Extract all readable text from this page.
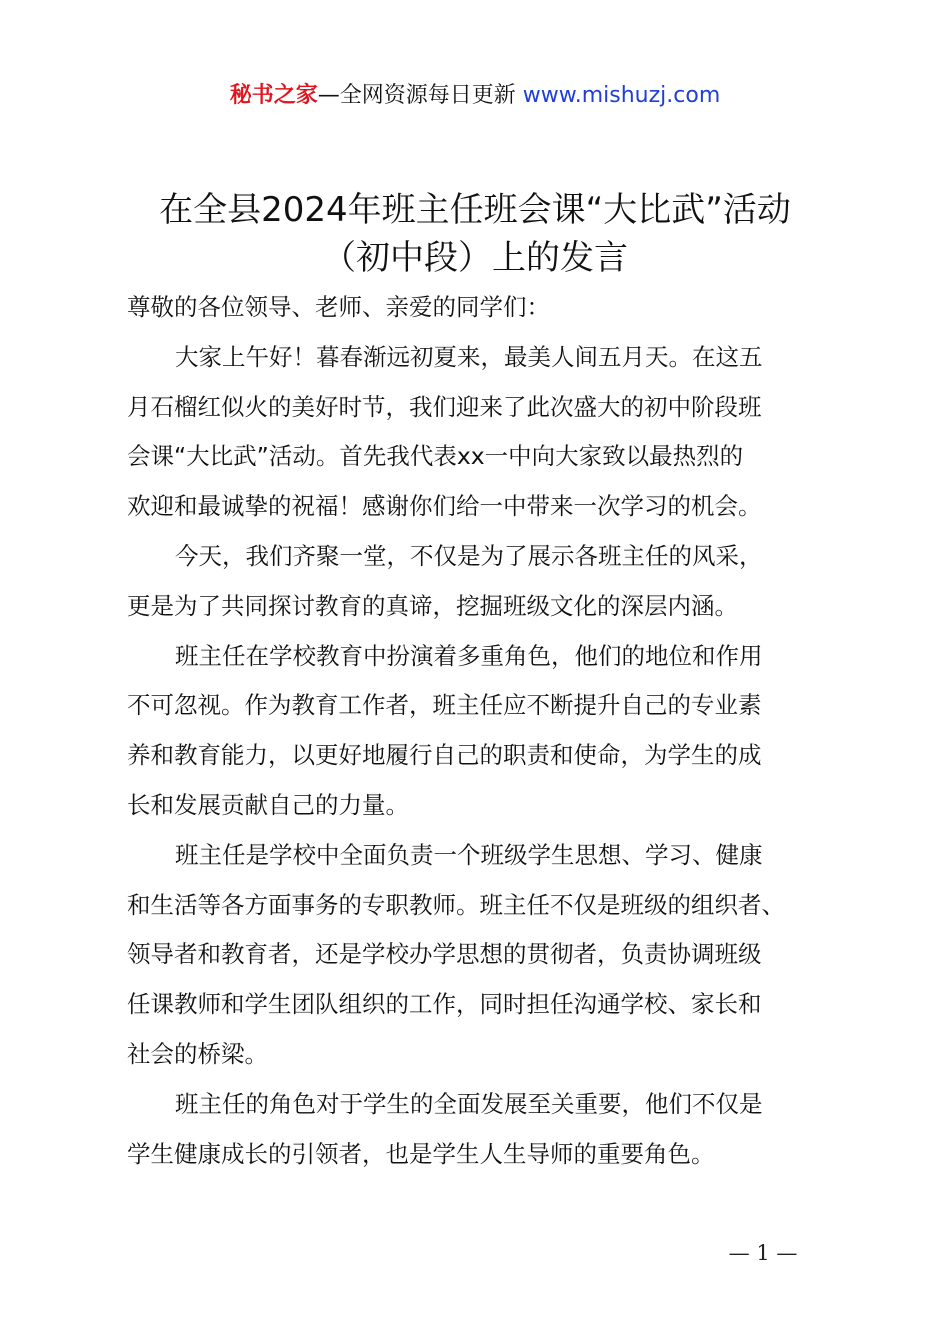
秘书之家—全网资源每日更新 www.mishuzj.com
在全县2024年班主任班会课“大比武”活动
（初中段）上的发言

尊敬的各位领导、老师、亲爱的同学们：

大家上午好！暮春渐远初夏来，最美人间五月天。在这五

月石榴红似火的美好时节，我们迎来了此次盛大的初中阶段班

会课“大比武”活动。首先我代表xx一中向大家致以最热烈的

欢迎和最诚挚的祝福！感谢你们给一中带来一次学习的机会。

今天，我们齐聚一堂，不仅是为了展示各班主任的风采，

更是为了共同探讨教育的真谛，挖掘班级文化的深层内涵。

班主任在学校教育中扮演着多重角色，他们的地位和作用

不可忽视。作为教育工作者，班主任应不断提升自己的专业素

养和教育能力，以更好地履行自己的职责和使命，为学生的成

长和发展贡献自己的力量。

班主任是学校中全面负责一个班级学生思想、学习、健康

和生活等各方面事务的专职教师。班主任不仅是班级的组织者、

领导者和教育者，还是学校办学思想的贯彻者，负责协调班级

任课教师和学生团队组织的工作，同时担任沟通学校、家长和

社会的桥梁。

班主任的角色对于学生的全面发展至关重要，他们不仅是

学生健康成长的引领者，也是学生人生导师的重要角色。

— 1 —
